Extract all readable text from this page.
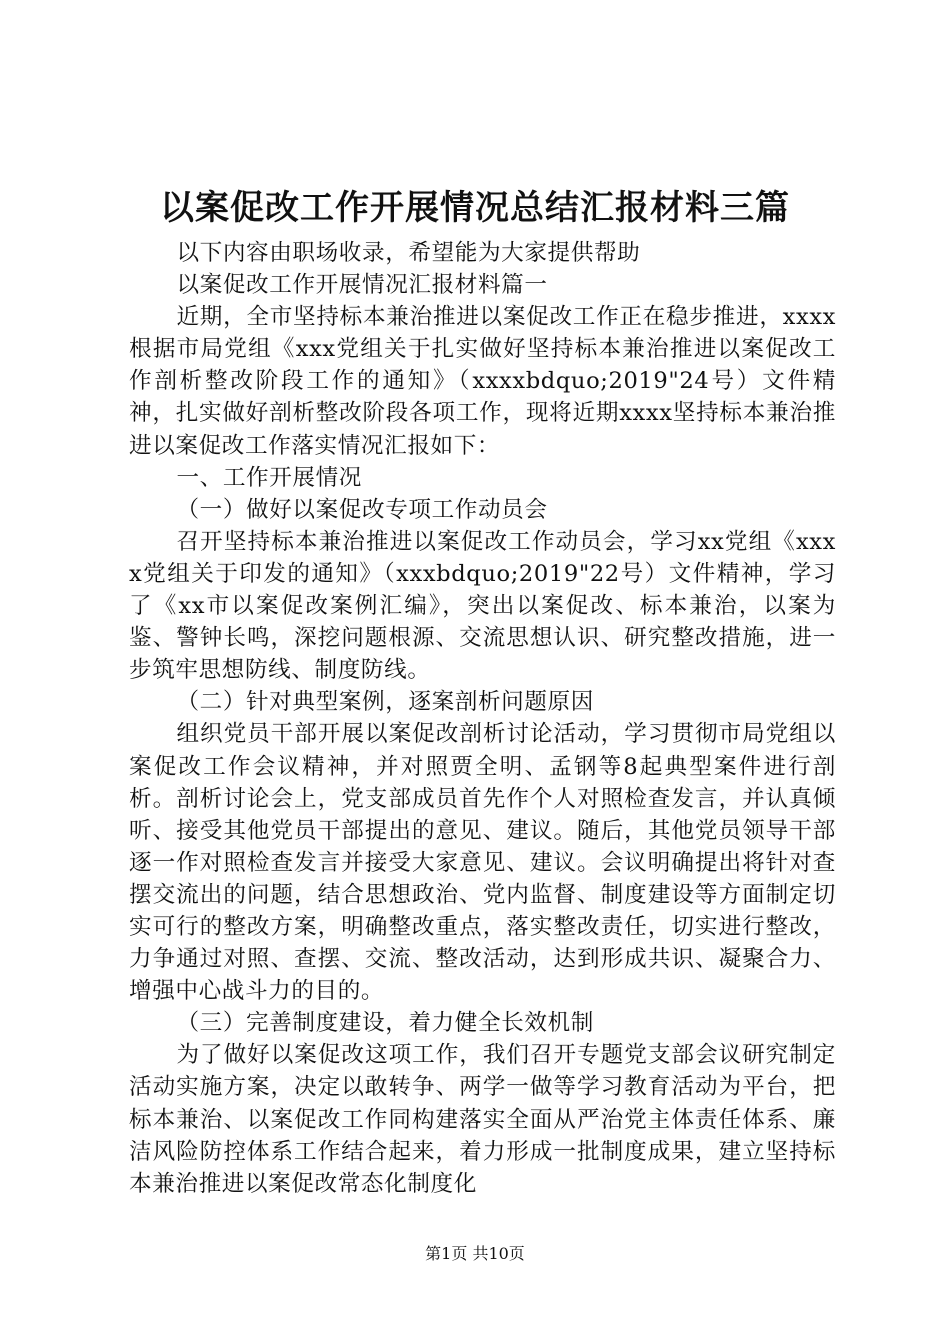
以案促改工作开展情况总结汇报材料三篇

以下内容由职场收录，希望能为大家提供帮助

以案促改工作开展情况汇报材料篇一

近期，全市坚持标本兼治推进以案促改工作正在稳步推进，xxxx根据市局党组《xxx党组关于扎实做好坚持标本兼治推进以案促改工作剖析整改阶段工作的通知》（xxxxbdquo;2019"24号）文件精神，扎实做好剖析整改阶段各项工作，现将近期xxxx坚持标本兼治推进以案促改工作落实情况汇报如下：

一、工作开展情况

（一）做好以案促改专项工作动员会

召开坚持标本兼治推进以案促改工作动员会，学习xx党组《xxxx党组关于印发的通知》（xxxbdquo;2019"22号）文件精神，学习了《xx市以案促改案例汇编》，突出以案促改、标本兼治，以案为鉴、警钟长鸣，深挖问题根源、交流思想认识、研究整改措施，进一步筑牢思想防线、制度防线。

（二）针对典型案例，逐案剖析问题原因

组织党员干部开展以案促改剖析讨论活动，学习贯彻市局党组以案促改工作会议精神，并对照贾全明、孟钢等8起典型案件进行剖析。剖析讨论会上，党支部成员首先作个人对照检查发言，并认真倾听、接受其他党员干部提出的意见、建议。随后，其他党员领导干部逐一作对照检查发言并接受大家意见、建议。会议明确提出将针对查摆交流出的问题，结合思想政治、党内监督、制度建设等方面制定切实可行的整改方案，明确整改重点，落实整改责任，切实进行整改，力争通过对照、查摆、交流、整改活动，达到形成共识、凝聚合力、增强中心战斗力的目的。

（三）完善制度建设，着力健全长效机制

为了做好以案促改这项工作，我们召开专题党支部会议研究制定活动实施方案，决定以敢转争、两学一做等学习教育活动为平台，把标本兼治、以案促改工作同构建落实全面从严治党主体责任体系、廉洁风险防控体系工作结合起来，着力形成一批制度成果，建立坚持标本兼治推进以案促改常态化制度化

第1页 共10页
